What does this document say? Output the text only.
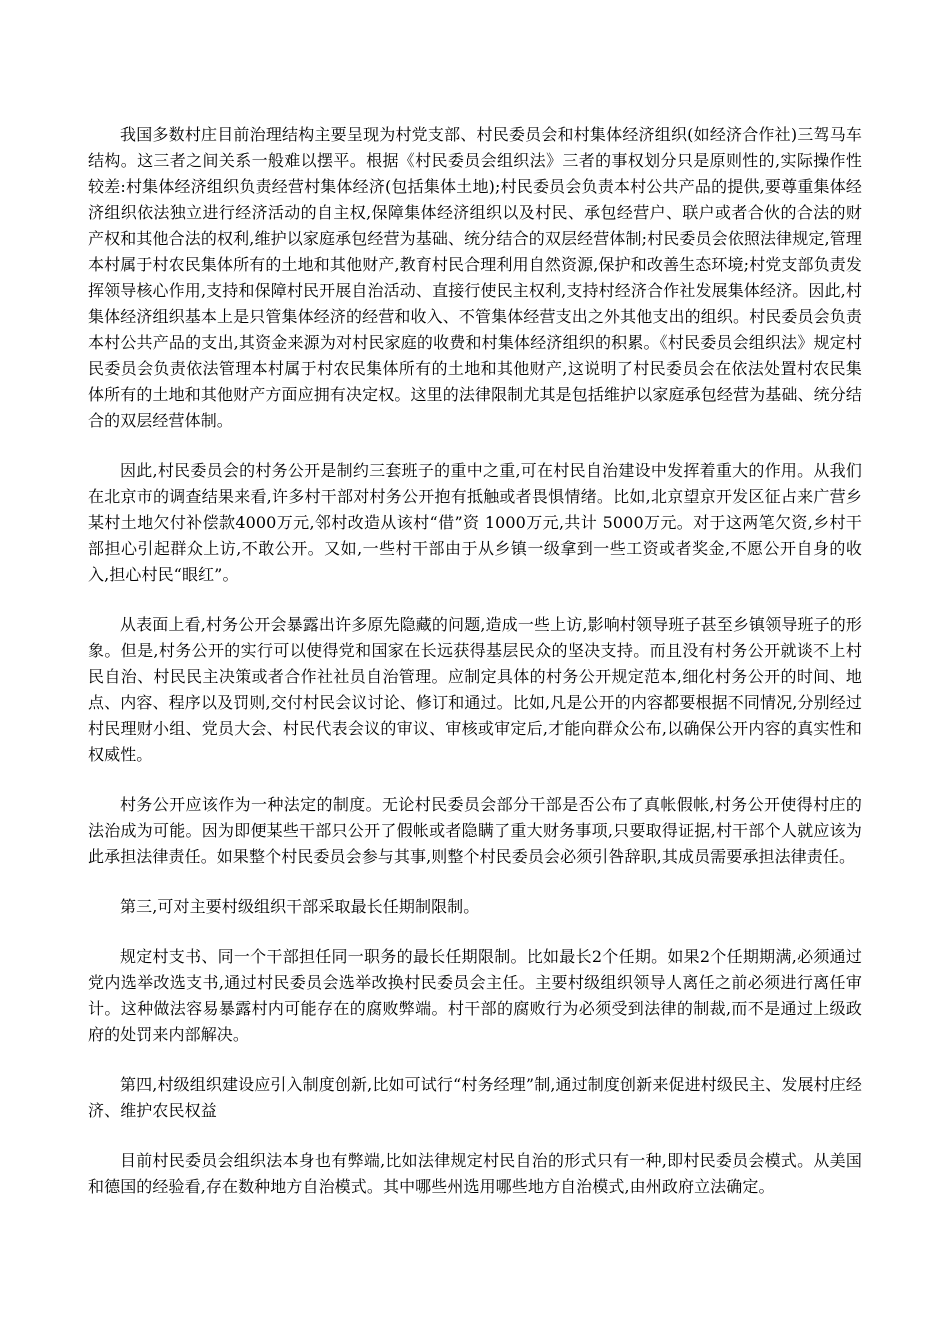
我国多数村庄目前治理结构主要呈现为村党支部、村民委员会和村集体经济组织(如经济合作社)三驾马车结构。这三者之间关系一般难以摆平。根据《村民委员会组织法》三者的事权划分只是原则性的,实际操作性较差:村集体经济组织负责经营村集体经济(包括集体土地);村民委员会负责本村公共产品的提供,要尊重集体经济组织依法独立进行经济活动的自主权,保障集体经济组织以及村民、承包经营户、联户或者合伙的合法的财产权和其他合法的权利,维护以家庭承包经营为基础、统分结合的双层经营体制;村民委员会依照法律规定,管理本村属于村农民集体所有的土地和其他财产,教育村民合理利用自然资源,保护和改善生态环境;村党支部负责发挥领导核心作用,支持和保障村民开展自治活动、直接行使民主权利,支持村经济合作社发展集体经济。因此,村集体经济组织基本上是只管集体经济的经营和收入、不管集体经营支出之外其他支出的组织。村民委员会负责本村公共产品的支出,其资金来源为对村民家庭的收费和村集体经济组织的积累。《村民委员会组织法》规定村民委员会负责依法管理本村属于村农民集体所有的土地和其他财产,这说明了村民委员会在依法处置村农民集体所有的土地和其他财产方面应拥有决定权。这里的法律限制尤其是包括维护以家庭承包经营为基础、统分结合的双层经营体制。

因此,村民委员会的村务公开是制约三套班子的重中之重,可在村民自治建设中发挥着重大的作用。从我们在北京市的调查结果来看,许多村干部对村务公开抱有抵触或者畏惧情绪。比如,北京望京开发区征占来广营乡某村土地欠付补偿款4000万元,邻村改造从该村“借”资 1000万元,共计 5000万元。对于这两笔欠资,乡村干部担心引起群众上访,不敢公开。又如,一些村干部由于从乡镇一级拿到一些工资或者奖金,不愿公开自身的收入,担心村民“眼红”。

从表面上看,村务公开会暴露出许多原先隐藏的问题,造成一些上访,影响村领导班子甚至乡镇领导班子的形象。但是,村务公开的实行可以使得党和国家在长远获得基层民众的坚决支持。而且没有村务公开就谈不上村民自治、村民民主决策或者合作社社员自治管理。应制定具体的村务公开规定范本,细化村务公开的时间、地点、内容、程序以及罚则,交付村民会议讨论、修订和通过。比如,凡是公开的内容都要根据不同情况,分别经过村民理财小组、党员大会、村民代表会议的审议、审核或审定后,才能向群众公布,以确保公开内容的真实性和权威性。

村务公开应该作为一种法定的制度。无论村民委员会部分干部是否公布了真帐假帐,村务公开使得村庄的法治成为可能。因为即便某些干部只公开了假帐或者隐瞒了重大财务事项,只要取得证据,村干部个人就应该为此承担法律责任。如果整个村民委员会参与其事,则整个村民委员会必须引咎辞职,其成员需要承担法律责任。

第三,可对主要村级组织干部采取最长任期制限制。

规定村支书、同一个干部担任同一职务的最长任期限制。比如最长2个任期。如果2个任期期满,必须通过党内选举改选支书,通过村民委员会选举改换村民委员会主任。主要村级组织领导人离任之前必须进行离任审计。这种做法容易暴露村内可能存在的腐败弊端。村干部的腐败行为必须受到法律的制裁,而不是通过上级政府的处罚来内部解决。

第四,村级组织建设应引入制度创新,比如可试行“村务经理”制,通过制度创新来促进村级民主、发展村庄经济、维护农民权益

目前村民委员会组织法本身也有弊端,比如法律规定村民自治的形式只有一种,即村民委员会模式。从美国和德国的经验看,存在数种地方自治模式。其中哪些州选用哪些地方自治模式,由州政府立法确定。
